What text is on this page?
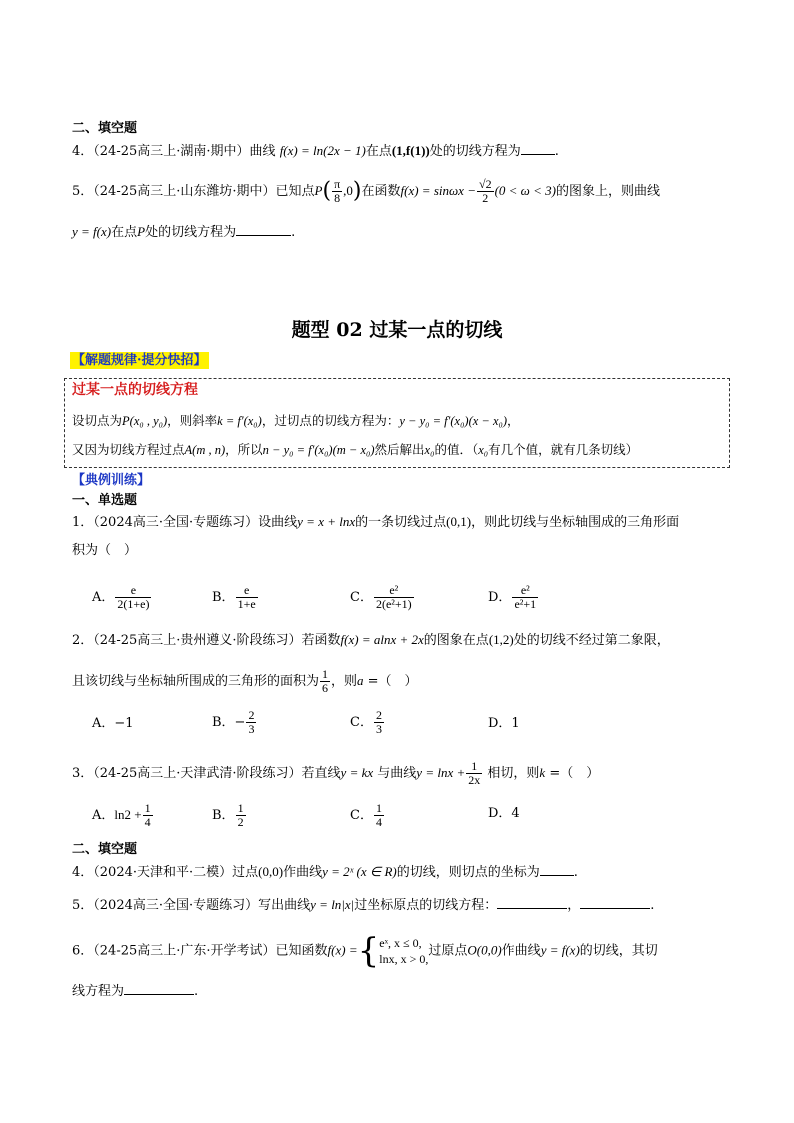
二、填空题
4．（24-25高三上·湖南·期中）曲线 f(x) = ln(2x − 1)在点(1,f(1))处的切线方程为	.
5．（24-25高三上·山东潍坊·期中）已知点$P( \frac{\pi}{8} ,0)$在函数$f(x) = \sin\omega x - \frac{√2}{2} (0 < \omega < 3)$的图象上，则曲线
y = f(x)在点P处的切线方程为	.
题型 02 过某一点的切线
【解题规律·提分快招】
过某一点的切线方程
设切点为P(x₀ , y₀)，则斜率k = f′(x₀)，过切点的切线方程为：y − y₀ = f′(x₀)(x − x₀)，
又因为切线方程过点A(m , n)，所以n − y₀ = f′(x₀)(m − x₀)然后解出x₀的值．（x₀有几个值，就有几条切线）
【典例训练】
一、单选题
1．（2024高三·全国·专题练习）设曲线y = x + lnx的一条切线过点(0,1)，则此切线与坐标轴围成的三角形面
积为（　）
A． $\frac{e}{2(1+e)}$	B． $\frac{e}{1+e}$	C． $\frac{\text{e²}}{\text{2(e²+1)}}$	D． $\frac{\text{e²}}{\text{e²+1}}$
2．（24-25高三上·贵州遵义·阶段练习）若函数f(x) = alnx + 2x的图象在点(1,2)处的切线不经过第二象限，
且该切线与坐标轴所围成的三角形的面积为 $\frac{1}{6}$ ，则a =（　）
A．−1	B．− $\frac{2}{3}$	C． $\frac{2}{3}$	D．1
3．（24-25高三上·天津武清·阶段练习）若直线y = kx 与曲线$y = \ln x + \frac{1}{2x}$ 相切，则k =（　）
A．$\ln 2 + \frac{1}{4}$	B． $\frac{1}{2}$	C． $\frac{1}{4}$	D．4
二、填空题
4．（2024·天津和平·二模）过点(0,0)作曲线y = 2ˣ (x ∈ R)的切线，则切点的坐标为	.
5．（2024高三·全国·专题练习）写出曲线y = ln|x|过坐标原点的切线方程：	，	.
6．（24-25高三上·广东·开学考试）已知函数f(x) ={ eˣ, x ≤ 0,
lnx, x > 0,
过原点O(0,0)作曲线y = f(x)的切线，其切
线方程为	.
